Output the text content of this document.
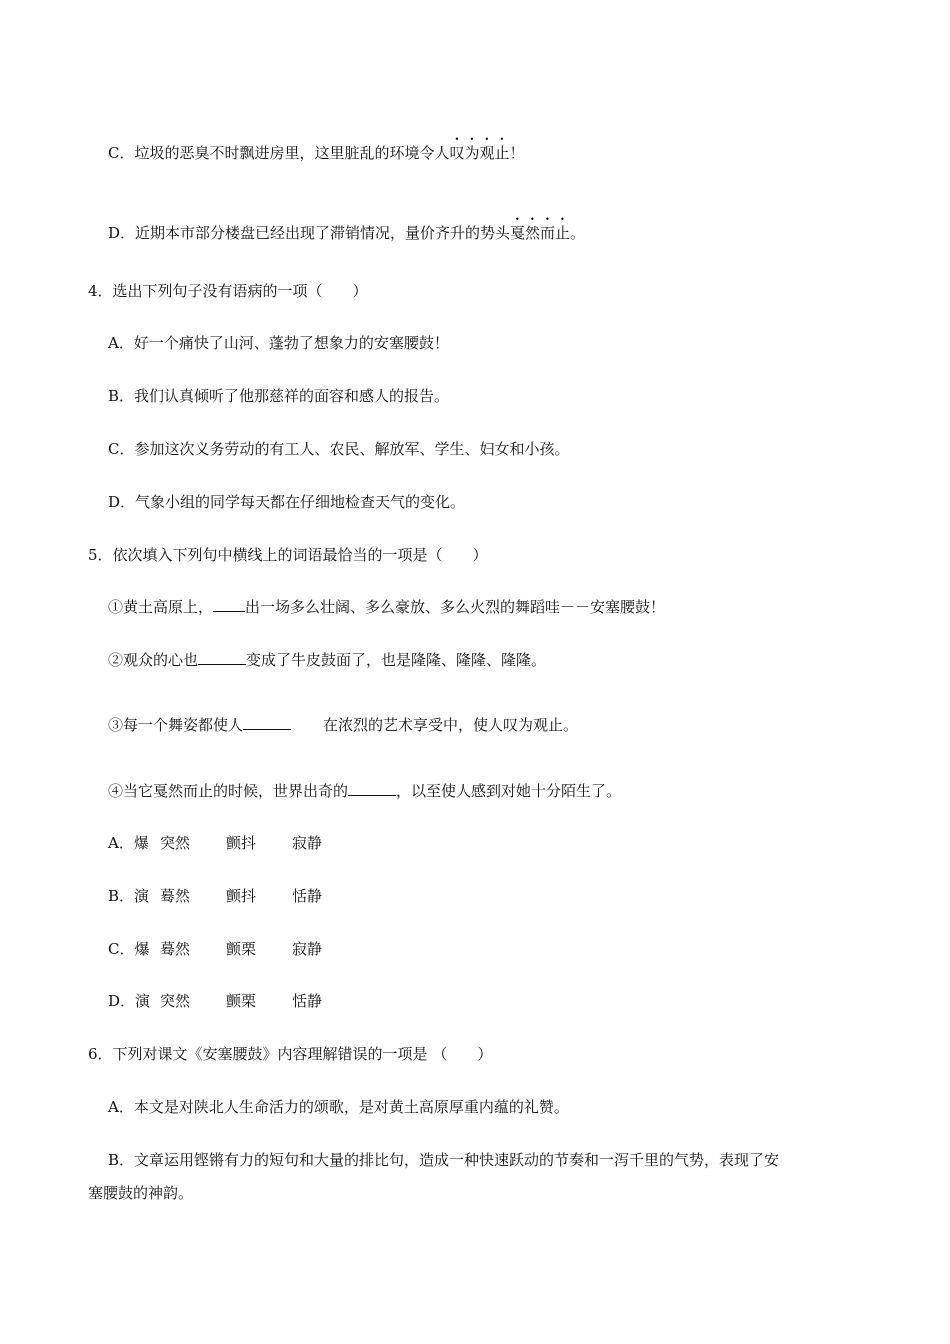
C．垃圾的恶臭不时飘进房里，这里脏乱的环境令人叹为观止！
D．近期本市部分楼盘已经出现了滞销情况，量价齐升的势头戛然而止。
4．选出下列句子没有语病的一项（　　）
A．好一个痛快了山河、蓬勃了想象力的安塞腰鼓！
B．我们认真倾听了他那慈祥的面容和感人的报告。
C．参加这次义务劳动的有工人、农民、解放军、学生、妇女和小孩。
D．气象小组的同学每天都在仔细地检查天气的变化。
5．依次填入下列句中横线上的词语最恰当的一项是（　　）
①黄土高原上， 出一场多么壮阔、多么豪放、多么火烈的舞蹈哇－－安塞腰鼓！
②观众的心也	变成了牛皮鼓面了，也是隆隆、隆隆、隆隆。
③每一个舞姿都使人	在浓烈的艺术享受中，使人叹为观止。
④当它戛然而止的时候，世界出奇的	，以至使人感到对她十分陌生了。
A．爆 突然 颤抖 寂静
B．演 蓦然 颤抖 恬静
C．爆 蓦然 颤栗 寂静
D．演 突然 颤栗 恬静
6．下列对课文《安塞腰鼓》内容理解错误的一项是 （　　）
A．本文是对陕北人生命活力的颂歌，是对黄土高原厚重内蕴的礼赞。
B．文章运用铿锵有力的短句和大量的排比句，造成一种快速跃动的节奏和一泻千里的气势，表现了安
塞腰鼓的神韵。
